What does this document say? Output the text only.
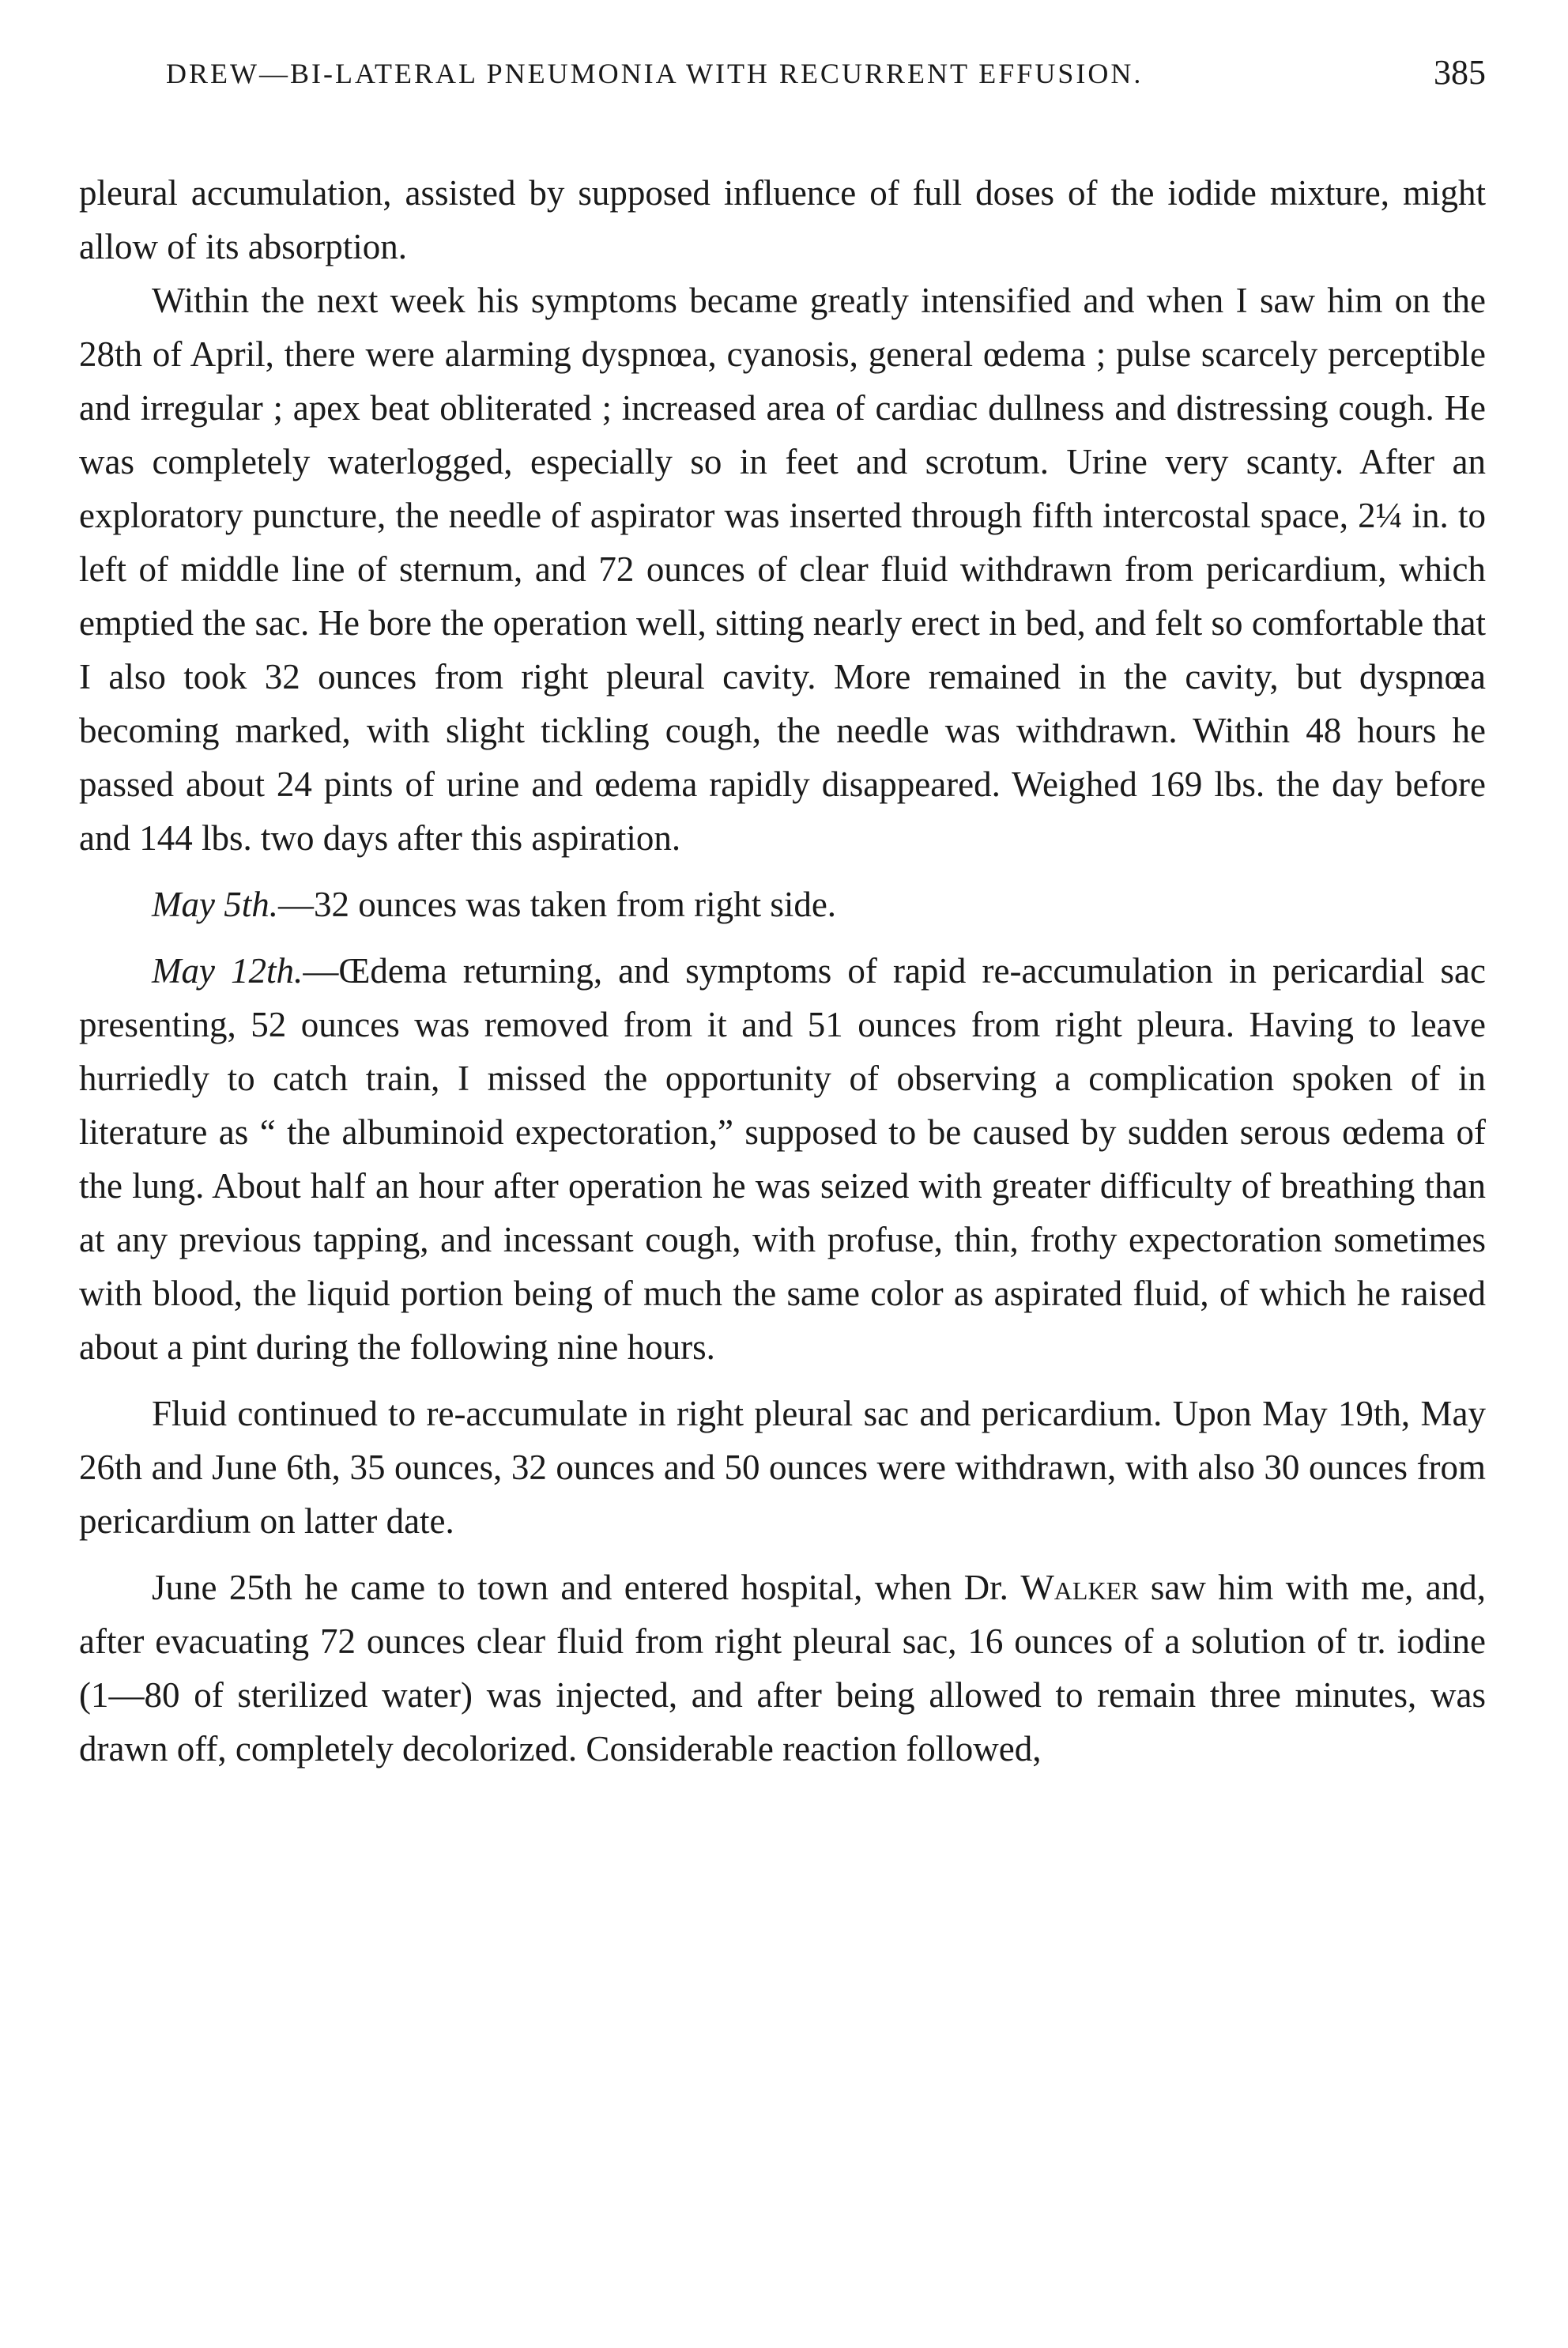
DREW—BI-LATERAL PNEUMONIA WITH RECURRENT EFFUSION.	385

pleural accumulation, assisted by supposed influence of full doses of the iodide mixture, might allow of its absorption.

Within the next week his symptoms became greatly intensified and when I saw him on the 28th of April, there were alarming dyspnœa, cyanosis, general œdema ; pulse scarcely perceptible and irregular ; apex beat obliterated ; increased area of cardiac dullness and distressing cough. He was completely waterlogged, especially so in feet and scrotum. Urine very scanty. After an exploratory puncture, the needle of aspirator was inserted through fifth intercostal space, 2¼ in. to left of middle line of sternum, and 72 ounces of clear fluid withdrawn from pericardium, which emptied the sac. He bore the operation well, sitting nearly erect in bed, and felt so comfortable that I also took 32 ounces from right pleural cavity. More remained in the cavity, but dyspnœa becoming marked, with slight tickling cough, the needle was withdrawn. Within 48 hours he passed about 24 pints of urine and œdema rapidly disappeared. Weighed 169 lbs. the day before and 144 lbs. two days after this aspiration.

May 5th.—32 ounces was taken from right side.

May 12th.—Œdema returning, and symptoms of rapid re-accumulation in pericardial sac presenting, 52 ounces was removed from it and 51 ounces from right pleura. Having to leave hurriedly to catch train, I missed the opportunity of observing a complication spoken of in literature as “ the albuminoid expectoration,” supposed to be caused by sudden serous œdema of the lung. About half an hour after operation he was seized with greater difficulty of breathing than at any previous tapping, and incessant cough, with profuse, thin, frothy expectoration sometimes with blood, the liquid portion being of much the same color as aspirated fluid, of which he raised about a pint during the following nine hours.

Fluid continued to re-accumulate in right pleural sac and pericardium. Upon May 19th, May 26th and June 6th, 35 ounces, 32 ounces and 50 ounces were withdrawn, with also 30 ounces from pericardium on latter date.

June 25th he came to town and entered hospital, when Dr. Walker saw him with me, and, after evacuating 72 ounces clear fluid from right pleural sac, 16 ounces of a solution of tr. iodine (1—80 of sterilized water) was injected, and after being allowed to remain three minutes, was drawn off, completely decolorized. Considerable reaction followed,
